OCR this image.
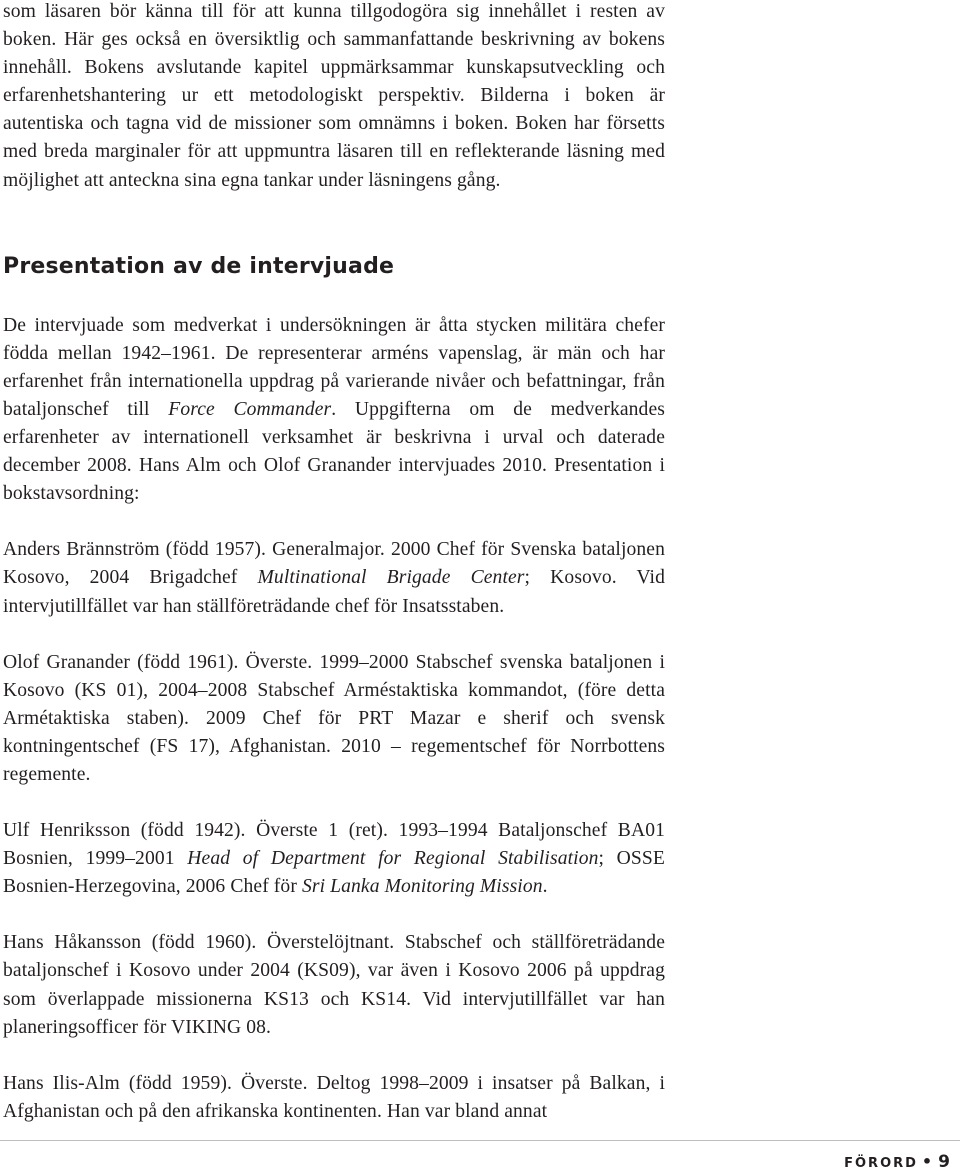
som läsaren bör känna till för att kunna tillgodogöra sig innehållet i resten av boken. Här ges också en översiktlig och sammanfattande beskrivning av bokens innehåll. Bokens avslutande kapitel uppmärksammar kunskapsutveckling och erfarenhetshantering ur ett metodologiskt perspektiv. Bilderna i boken är autentiska och tagna vid de missioner som omnämns i boken. Boken har försetts med breda marginaler för att uppmuntra läsaren till en reflekterande läsning med möjlighet att anteckna sina egna tankar under läsningens gång.

Presentation av de intervjuade

De intervjuade som medverkat i undersökningen är åtta stycken militära chefer födda mellan 1942–1961. De representerar arméns vapenslag, är män och har erfarenhet från internationella uppdrag på varierande nivåer och befattningar, från bataljonschef till Force Commander. Uppgifterna om de medverkandes erfarenheter av internationell verksamhet är beskrivna i urval och daterade december 2008. Hans Alm och Olof Granander intervjuades 2010. Presentation i bokstavsordning:

Anders Brännström (född 1957). Generalmajor. 2000 Chef för Svenska bataljonen Kosovo, 2004 Brigadchef Multinational Brigade Center; Kosovo. Vid intervjutillfället var han ställföreträdande chef för Insatsstaben.

Olof Granander (född 1961). Överste. 1999–2000 Stabschef svenska bataljonen i Kosovo (KS 01), 2004–2008 Stabschef Arméstaktiska kommandot, (före detta Armétaktiska staben). 2009 Chef för PRT Mazar e sherif och svensk kontningentschef (FS 17), Afghanistan. 2010 – regementschef för Norrbottens regemente.

Ulf Henriksson (född 1942). Överste 1 (ret). 1993–1994 Bataljonschef BA01 Bosnien, 1999–2001 Head of Department for Regional Stabilisation; OSSE Bosnien-Herzegovina, 2006 Chef för Sri Lanka Monitoring Mission.

Hans Håkansson (född 1960). Överstelöjtnant. Stabschef och ställföreträdande bataljonschef i Kosovo under 2004 (KS09), var även i Kosovo 2006 på uppdrag som överlappade missionerna KS13 och KS14. Vid intervjutillfället var han planeringsofficer för VIKING 08.

Hans Ilis-Alm (född 1959). Överste. Deltog 1998–2009 i insatser på Balkan, i Afghanistan och på den afrikanska kontinenten. Han var bland annat

FÖRORD • 9
